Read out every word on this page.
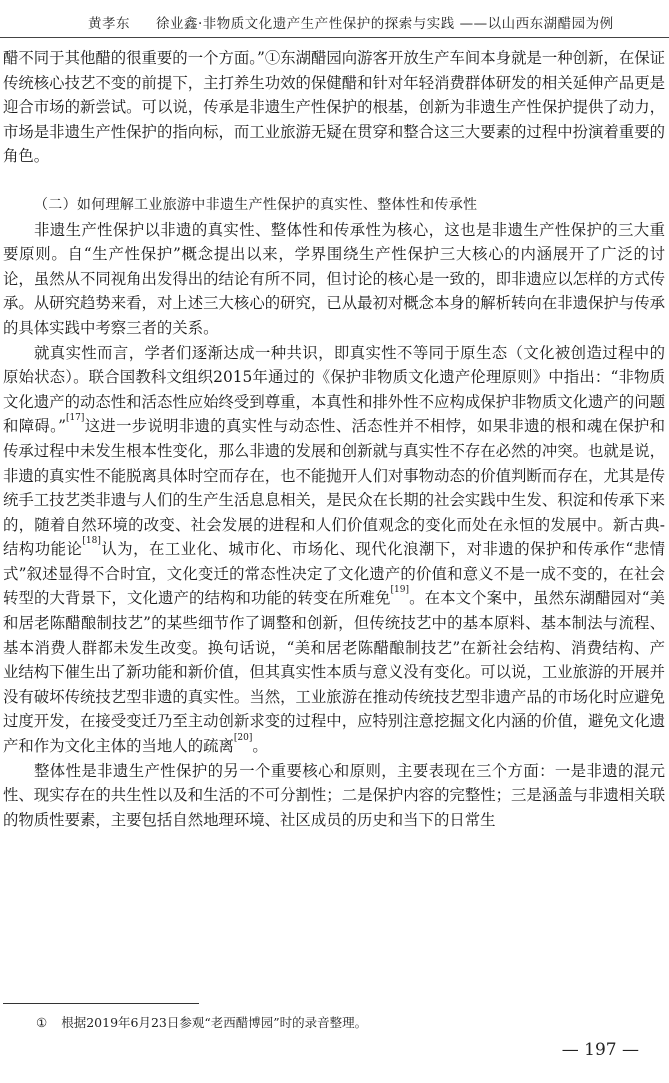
黄孝东 徐业鑫·非物质文化遗产生产性保护的探索与实践 ——以山西东湖醋园为例

醋不同于其他醋的很重要的一个方面。”①东湖醋园向游客开放生产车间本身就是一种创新，在保证传统核心技艺不变的前提下，主打养生功效的保健醋和针对年轻消费群体研发的相关延伸产品更是迎合市场的新尝试。可以说，传承是非遗生产性保护的根基，创新为非遗生产性保护提供了动力，市场是非遗生产性保护的指向标，而工业旅游无疑在贯穿和整合这三大要素的过程中扮演着重要的角色。

（二）如何理解工业旅游中非遗生产性保护的真实性、整体性和传承性

非遗生产性保护以非遗的真实性、整体性和传承性为核心，这也是非遗生产性保护的三大重要原则。自“生产性保护”概念提出以来，学界围绕生产性保护三大核心的内涵展开了广泛的讨论，虽然从不同视角出发得出的结论有所不同，但讨论的核心是一致的，即非遗应以怎样的方式传承。从研究趋势来看，对上述三大核心的研究，已从最初对概念本身的解析转向在非遗保护与传承的具体实践中考察三者的关系。

就真实性而言，学者们逐渐达成一种共识，即真实性不等同于原生态（文化被创造过程中的原始状态）。联合国教科文组织2015年通过的《保护非物质文化遗产伦理原则》中指出：“非物质文化遗产的动态性和活态性应始终受到尊重，本真性和排外性不应构成保护非物质文化遗产的问题和障碍。”[17]这进一步说明非遗的真实性与动态性、活态性并不相悖，如果非遗的根和魂在保护和传承过程中未发生根本性变化，那么非遗的发展和创新就与真实性不存在必然的冲突。也就是说，非遗的真实性不能脱离具体时空而存在，也不能抛开人们对事物动态的价值判断而存在，尤其是传统手工技艺类非遗与人们的生产生活息息相关，是民众在长期的社会实践中生发、积淀和传承下来的，随着自然环境的改变、社会发展的进程和人们价值观念的变化而处在永恒的发展中。新古典-结构功能论[18]认为，在工业化、城市化、市场化、现代化浪潮下，对非遗的保护和传承作“悲情式”叙述显得不合时宜，文化变迁的常态性决定了文化遗产的价值和意义不是一成不变的，在社会转型的大背景下，文化遗产的结构和功能的转变在所难免[19]。在本文个案中，虽然东湖醋园对“美和居老陈醋酿制技艺”的某些细节作了调整和创新，但传统技艺中的基本原料、基本制法与流程、基本消费人群都未发生改变。换句话说，“美和居老陈醋酿制技艺”在新社会结构、消费结构、产业结构下催生出了新功能和新价值，但其真实性本质与意义没有变化。可以说，工业旅游的开展并没有破坏传统技艺型非遗的真实性。当然，工业旅游在推动传统技艺型非遗产品的市场化时应避免过度开发，在接受变迁乃至主动创新求变的过程中，应特别注意挖掘文化内涵的价值，避免文化遗产和作为文化主体的当地人的疏离[20]。

整体性是非遗生产性保护的另一个重要核心和原则，主要表现在三个方面：一是非遗的混元性、现实存在的共生性以及和生活的不可分割性；二是保护内容的完整性；三是涵盖与非遗相关联的物质性要素，主要包括自然地理环境、社区成员的历史和当下的日常生

① 根据2019年6月23日参观“老西醋博园”时的录音整理。
— 197 —
